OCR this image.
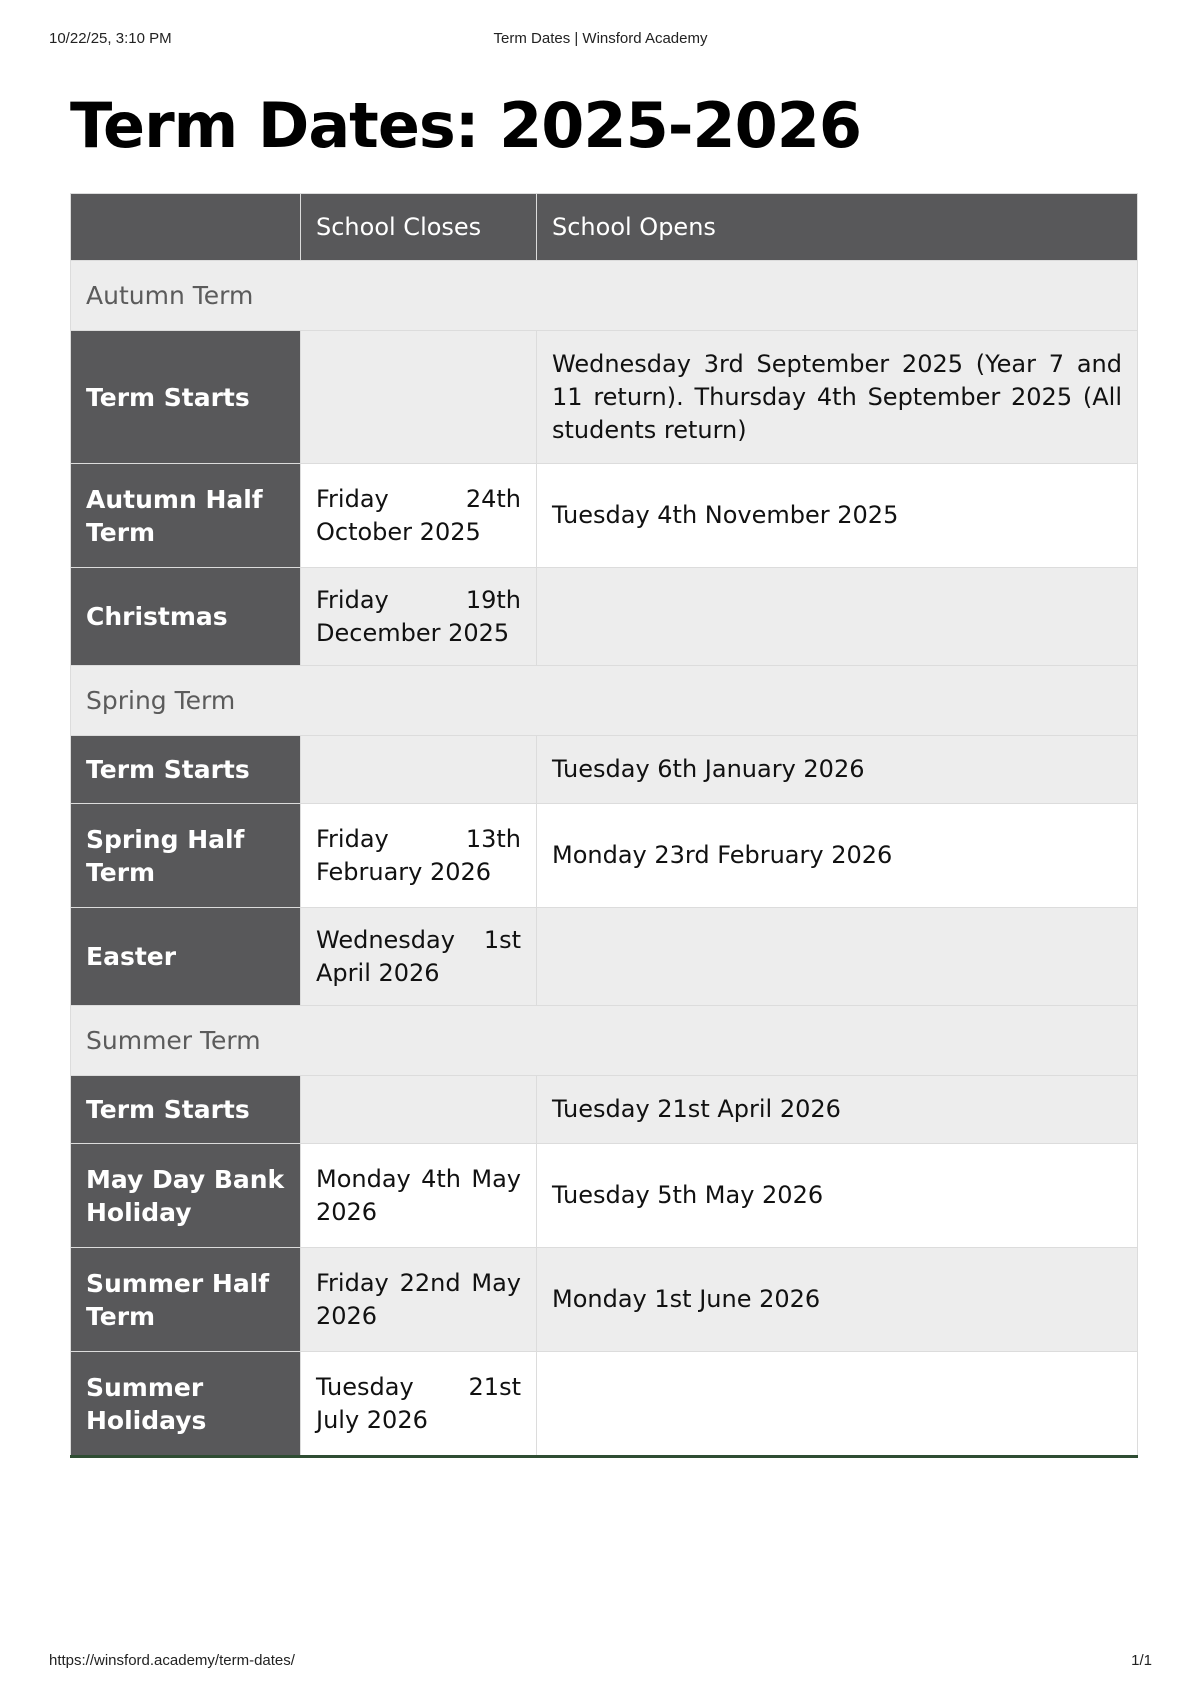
10/22/25, 3:10 PM	Term Dates | Winsford Academy
Term Dates: 2025-2026
	School Closes	School Opens
Autumn Term		
Term Starts		Wednesday 3rd September 2025 (Year 7 and 11 return). Thursday 4th September 2025 (All students return)
Autumn Half Term	Friday 24th October 2025	Tuesday 4th November 2025
Christmas	Friday 19th December 2025	
Spring Term		
Term Starts		Tuesday 6th January 2026
Spring Half Term	Friday 13th February 2026	Monday 23rd February 2026
Easter	Wednesday 1st April 2026	
Summer Term		
Term Starts		Tuesday 21st April 2026
May Day Bank Holiday	Monday 4th May 2026	Tuesday 5th May 2026
Summer Half Term	Friday 22nd May 2026	Monday 1st June 2026
Summer Holidays	Tuesday 21st July 2026	
https://winsford.academy/term-dates/	1/1
